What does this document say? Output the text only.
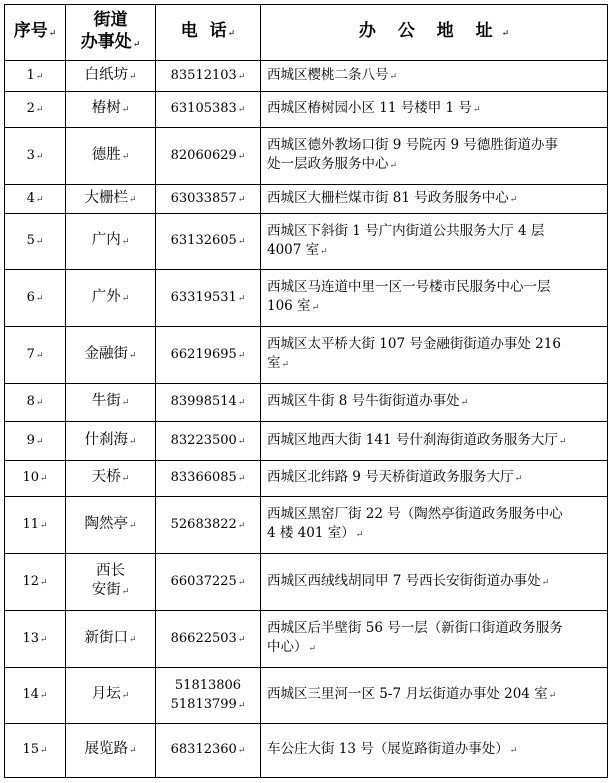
序号↵	街道
办事处↵	电  话↵	办 公 地 址↵
1↵	白纸坊↵	83512103↵	西城区樱桃二条八号↵

2↵	椿树↵	63105383↵	西城区椿树园小区 11 号楼甲 1 号↵

3↵	德胜↵	82060629↵	西城区德外教场口街 9 号院丙 9 号德胜街道办事
处一层政务服务中心↵

4↵	大栅栏↵	63033857↵	西城区大栅栏煤市街 81 号政务服务中心↵

5↵	广内↵	63132605↵	西城区下斜街 1 号广内街道公共服务大厅 4 层
4007 室↵

6↵	广外↵	63319531↵	西城区马连道中里一区一号楼市民服务中心一层
106 室↵

7↵	金融街↵	66219695↵	西城区太平桥大街 107 号金融街街道办事处 216
室↵

8↵	牛街↵	83998514↵	西城区牛街 8 号牛街街道办事处↵

9↵	什刹海↵	83223500↵	西城区地西大街 141 号什刹海街道政务服务大厅↵

10↵	天桥↵	83366085↵	西城区北纬路 9 号天桥街道政务服务大厅↵

11↵	陶然亭↵	52683822↵	西城区黑窑厂街 22 号（陶然亭街道政务服务中心
4 楼 401 室）↵

12↵	西长
安街↵	66037225↵	西城区西绒线胡同甲 7 号西长安街街道办事处↵

13↵	新街口↵	86622503↵	西城区后半壁街 56 号一层（新街口街道政务服务
中心）↵

14↵	月坛↵	51813806
51813799↵	西城区三里河一区 5-7 月坛街道办事处 204 室↵

15↵	展览路↵	68312360↵	车公庄大街 13 号（展览路街道办事处）↵
